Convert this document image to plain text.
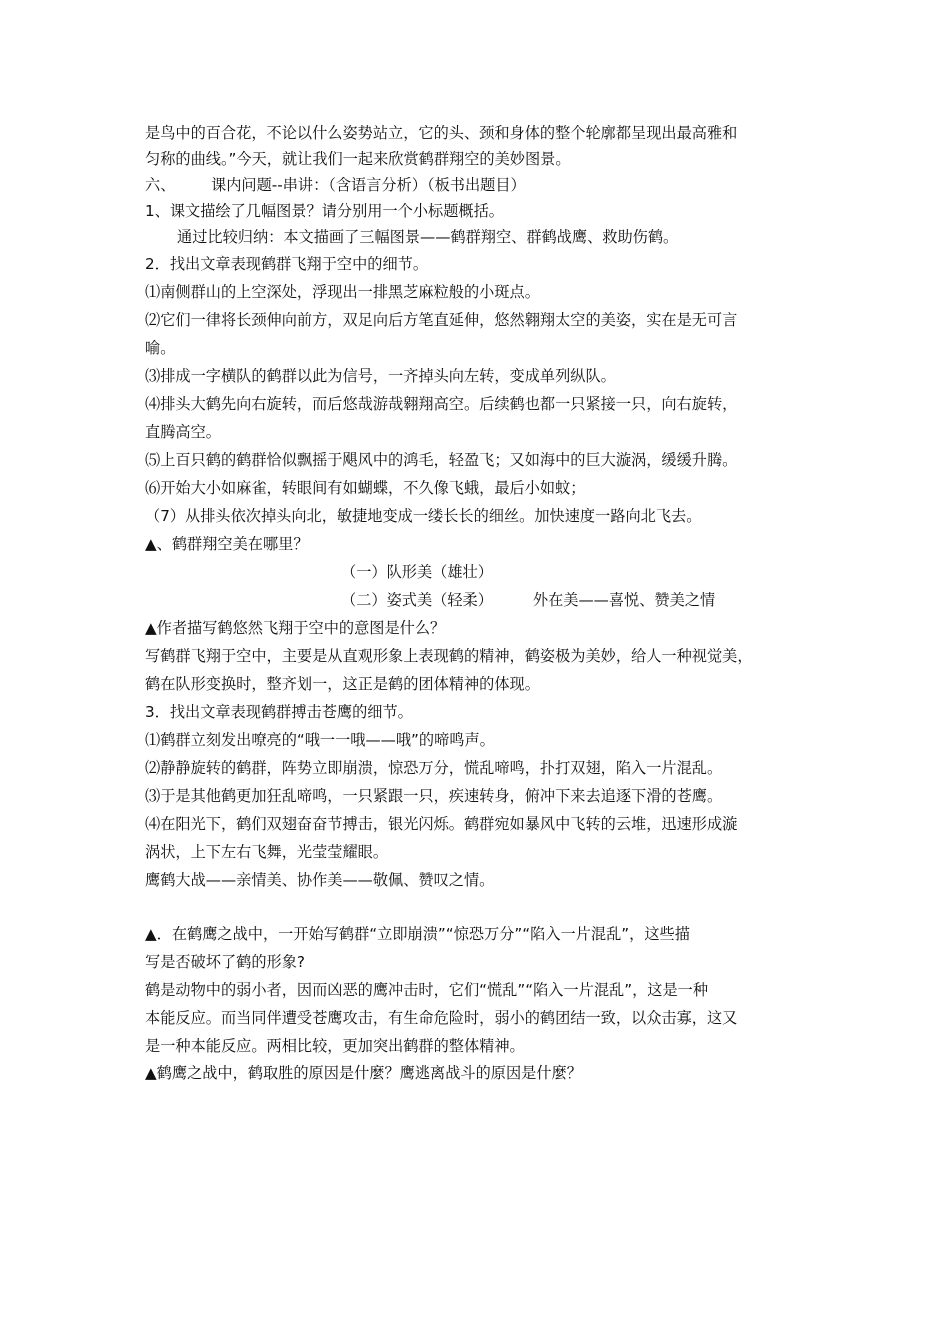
是鸟中的百合花，不论以什么姿势站立，它的头、颈和身体的整个轮廓都呈现出最高雅和
匀称的曲线。”今天，就让我们一起来欣赏鹤群翔空的美妙图景。
六、 课内问题--串讲：（含语言分析）（板书出题目）
1、课文描绘了几幅图景？请分别用一个小标题概括。
通过比较归纳：本文描画了三幅图景——鹤群翔空、群鹤战鹰、救助伤鹤。
2．找出文章表现鹤群飞翔于空中的细节。
⑴南侧群山的上空深处，浮现出一排黑芝麻粒般的小斑点。
⑵它们一律将长颈伸向前方，双足向后方笔直延伸，悠然翱翔太空的美姿，实在是无可言
喻。
⑶排成一字横队的鹤群以此为信号，一齐掉头向左转，变成单列纵队。
⑷排头大鹤先向右旋转，而后悠哉游哉翱翔高空。后续鹤也都一只紧接一只，向右旋转，
直腾高空。
⑸上百只鹤的鹤群恰似飘摇于飓风中的鸿毛，轻盈飞；又如海中的巨大漩涡，缓缓升腾。
⑹开始大小如麻雀，转眼间有如蝴蝶，不久像飞蛾，最后小如蚊；
（7）从排头依次掉头向北，敏捷地变成一缕长长的细丝。加快速度一路向北飞去。
▲、鹤群翔空美在哪里？
（一）队形美（雄壮）
（二）姿式美（轻柔）	外在美——喜悦、赞美之情
▲作者描写鹤悠然飞翔于空中的意图是什么？
写鹤群飞翔于空中，主要是从直观形象上表现鹤的精神，鹤姿极为美妙，给人一种视觉美，
鹤在队形变换时，整齐划一，这正是鹤的团体精神的体现。
3．找出文章表现鹤群搏击苍鹰的细节。
⑴鹤群立刻发出嘹亮的“哦一一哦——哦”的啼鸣声。
⑵静静旋转的鹤群，阵势立即崩溃，惊恐万分，慌乱啼鸣，扑打双翅，陷入一片混乱。
⑶于是其他鹤更加狂乱啼鸣，一只紧跟一只，疾速转身，俯冲下来去追逐下滑的苍鹰。
⑷在阳光下，鹤们双翅奋奋节搏击，银光闪烁。鹤群宛如暴风中飞转的云堆，迅速形成漩
涡状，上下左右飞舞，光莹莹耀眼。
鹰鹤大战——亲情美、协作美——敬佩、赞叹之情。
▲．在鹤鹰之战中，一开始写鹤群“立即崩溃”“惊恐万分”“陷入一片混乱”，这些描
写是否破坏了鹤的形象?
鹤是动物中的弱小者，因而凶恶的鹰冲击时，它们“慌乱”“陷入一片混乱”，这是一种
本能反应。而当同伴遭受苍鹰攻击，有生命危险时，弱小的鹤团结一致，以众击寡，这又
是一种本能反应。两相比较，更加突出鹤群的整体精神。
▲鹤鹰之战中，鹤取胜的原因是什麼？鹰逃离战斗的原因是什麼？
